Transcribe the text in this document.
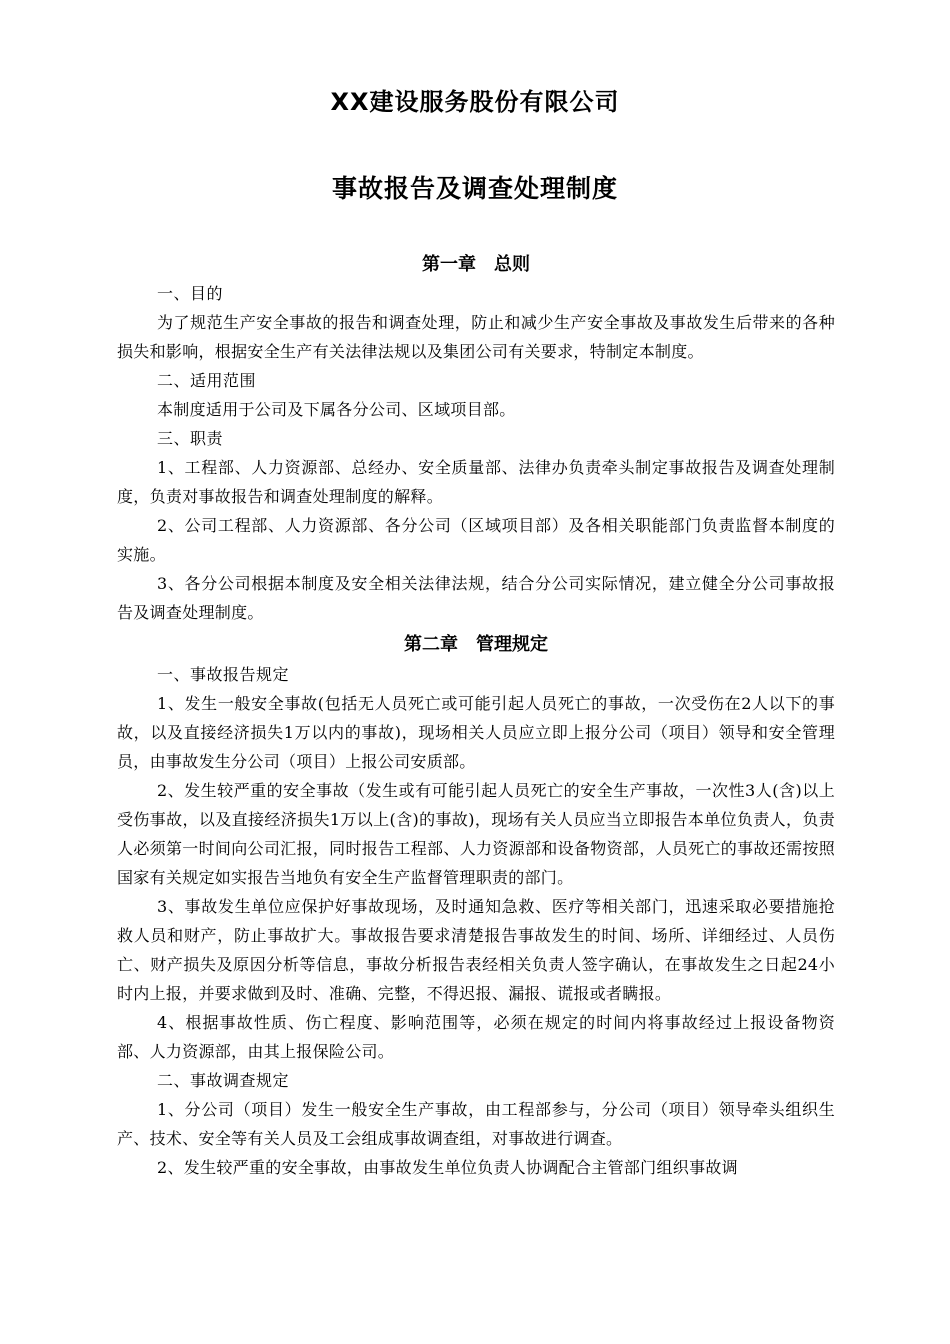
XX建设服务股份有限公司
事故报告及调查处理制度
第一章　总则

一、目的

为了规范生产安全事故的报告和调查处理，防止和减少生产安全事故及事故发生后带来的各种损失和影响，根据安全生产有关法律法规以及集团公司有关要求，特制定本制度。

二、适用范围

本制度适用于公司及下属各分公司、区域项目部。

三、职责

1、工程部、人力资源部、总经办、安全质量部、法律办负责牵头制定事故报告及调查处理制度，负责对事故报告和调查处理制度的解释。

2、公司工程部、人力资源部、各分公司（区域项目部）及各相关职能部门负责监督本制度的实施。

3、各分公司根据本制度及安全相关法律法规，结合分公司实际情况，建立健全分公司事故报告及调查处理制度。

第二章　管理规定

一、事故报告规定

1、发生一般安全事故(包括无人员死亡或可能引起人员死亡的事故，一次受伤在2人以下的事故，以及直接经济损失1万以内的事故)，现场相关人员应立即上报分公司（项目）领导和安全管理员，由事故发生分公司（项目）上报公司安质部。

2、发生较严重的安全事故（发生或有可能引起人员死亡的安全生产事故，一次性3人(含)以上受伤事故，以及直接经济损失1万以上(含)的事故)，现场有关人员应当立即报告本单位负责人，负责人必须第一时间向公司汇报，同时报告工程部、人力资源部和设备物资部，人员死亡的事故还需按照国家有关规定如实报告当地负有安全生产监督管理职责的部门。

3、事故发生单位应保护好事故现场，及时通知急救、医疗等相关部门，迅速采取必要措施抢救人员和财产，防止事故扩大。事故报告要求清楚报告事故发生的时间、场所、详细经过、人员伤亡、财产损失及原因分析等信息，事故分析报告表经相关负责人签字确认，在事故发生之日起24小时内上报，并要求做到及时、准确、完整，不得迟报、漏报、谎报或者瞒报。

4、根据事故性质、伤亡程度、影响范围等，必须在规定的时间内将事故经过上报设备物资部、人力资源部，由其上报保险公司。

二、事故调查规定

1、分公司（项目）发生一般安全生产事故，由工程部参与，分公司（项目）领导牵头组织生产、技术、安全等有关人员及工会组成事故调查组，对事故进行调查。

2、发生较严重的安全事故，由事故发生单位负责人协调配合主管部门组织事故调
